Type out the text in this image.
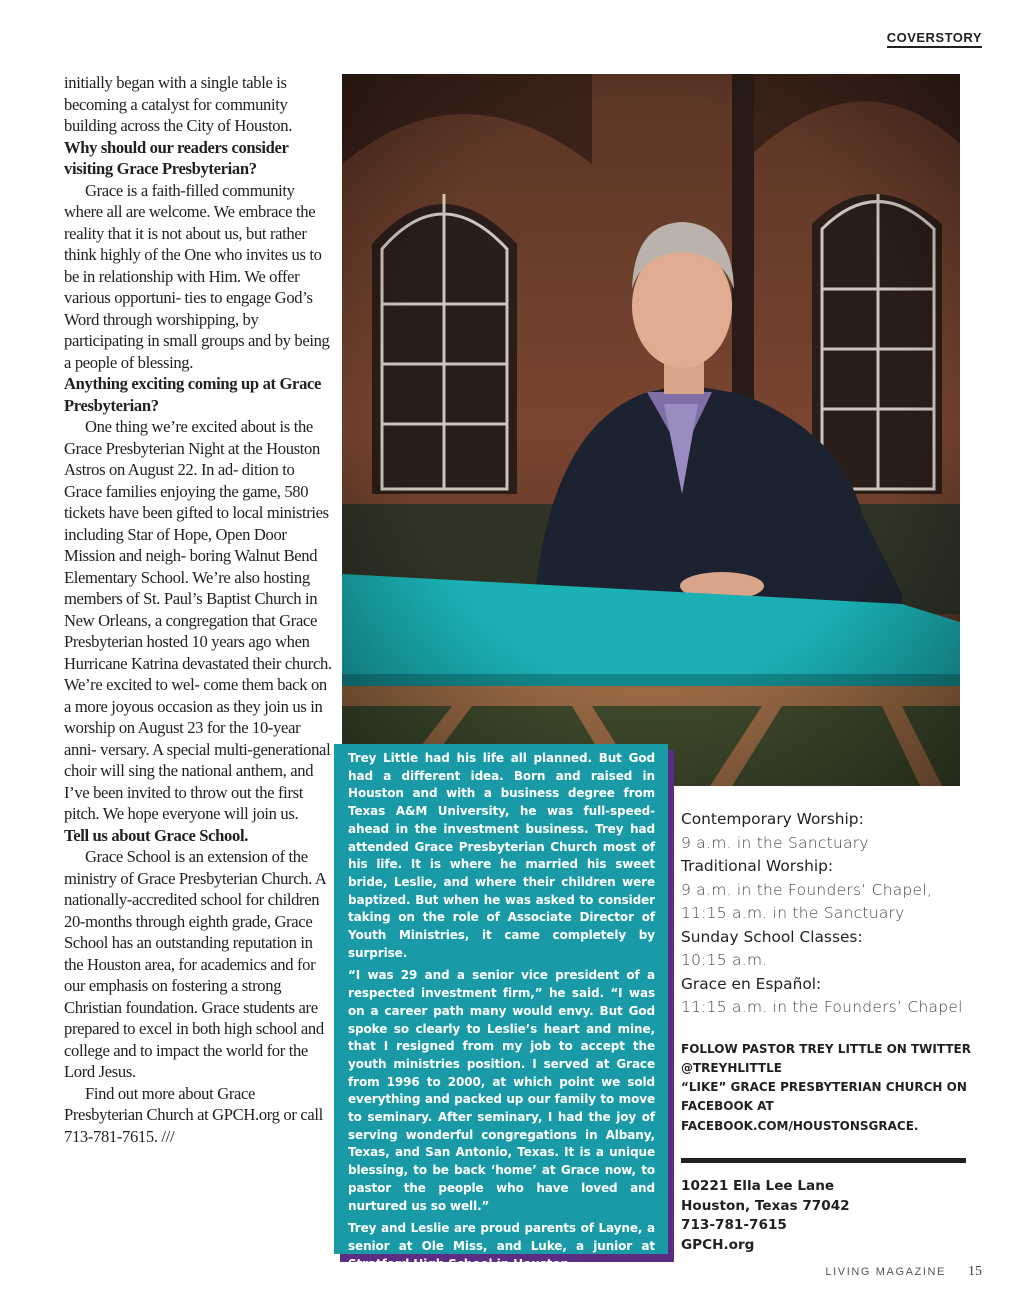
COVERSTORY

initially began with a single table is becoming a catalyst for community building across the City of Houston.

Why should our readers consider visiting Grace Presbyterian?

Grace is a faith-filled community where all are welcome. We embrace the reality that it is not about us, but rather think highly of the One who invites us to be in relationship with Him. We offer various opportuni- ties to engage God’s Word through worshipping, by participating in small groups and by being a people of blessing.

Anything exciting coming up at Grace Presbyterian?

One thing we’re excited about is the Grace Presbyterian Night at the Houston Astros on August 22. In ad- dition to Grace families enjoying the game, 580 tickets have been gifted to local ministries including Star of Hope, Open Door Mission and neigh- boring Walnut Bend Elementary School. We’re also hosting members of St. Paul’s Baptist Church in New Orleans, a congregation that Grace Presbyterian hosted 10 years ago when Hurricane Katrina devastated their church. We’re excited to wel- come them back on a more joyous occasion as they join us in worship on August 23 for the 10-year anni- versary. A special multi-generational choir will sing the national anthem, and I’ve been invited to throw out the first pitch. We hope everyone will join us.

Tell us about Grace School.

Grace School is an extension of the ministry of Grace Presbyterian Church. A nationally-accredited school for children 20-months through eighth grade, Grace School has an outstanding reputation in the Houston area, for academics and for our emphasis on fostering a strong Christian foundation. Grace students are prepared to excel in both high school and college and to impact the world for the Lord Jesus.

Find out more about Grace Presbyterian Church at GPCH.org or call 713-781-7615. ///

Trey Little had his life all planned. But God had a different idea. Born and raised in Houston and with a business degree from Texas A&M University, he was full-speed-ahead in the investment business. Trey had attended Grace Presbyterian Church most of his life. It is where he married his sweet bride, Leslie, and where their children were baptized. But when he was asked to consider taking on the role of Associate Director of Youth Ministries, it came completely by surprise.

“I was 29 and a senior vice president of a respected investment firm,” he said. “I was on a career path many would envy. But God spoke so clearly to Leslie’s heart and mine, that I resigned from my job to accept the youth ministries position. I served at Grace from 1996 to 2000, at which point we sold everything and packed up our family to move to seminary. After seminary, I had the joy of serving wonderful congregations in Albany, Texas, and San Antonio, Texas. It is a unique blessing, to be back ‘home’ at Grace now, to pastor the people who have loved and nurtured us so well.”

Trey and Leslie are proud parents of Layne, a senior at Ole Miss, and Luke, a junior at Stratford High School in Houston.

Contemporary Worship:
9 a.m. in the Sanctuary
Traditional Worship:
9 a.m. in the Founders’ Chapel,
11:15 a.m. in the Sanctuary
Sunday School Classes:
10:15 a.m.
Grace en Español:
11:15 a.m. in the Founders’ Chapel

FOLLOW PASTOR TREY LITTLE ON TWITTER

@TREYHLITTLE

“LIKE” GRACE PRESBYTERIAN CHURCH ON

FACEBOOK AT

FACEBOOK.COM/HOUSTONSGRACE.

10221 Ella Lee Lane

Houston, Texas 77042

713-781-7615

GPCH.org

LIVING MAGAZINE 15
